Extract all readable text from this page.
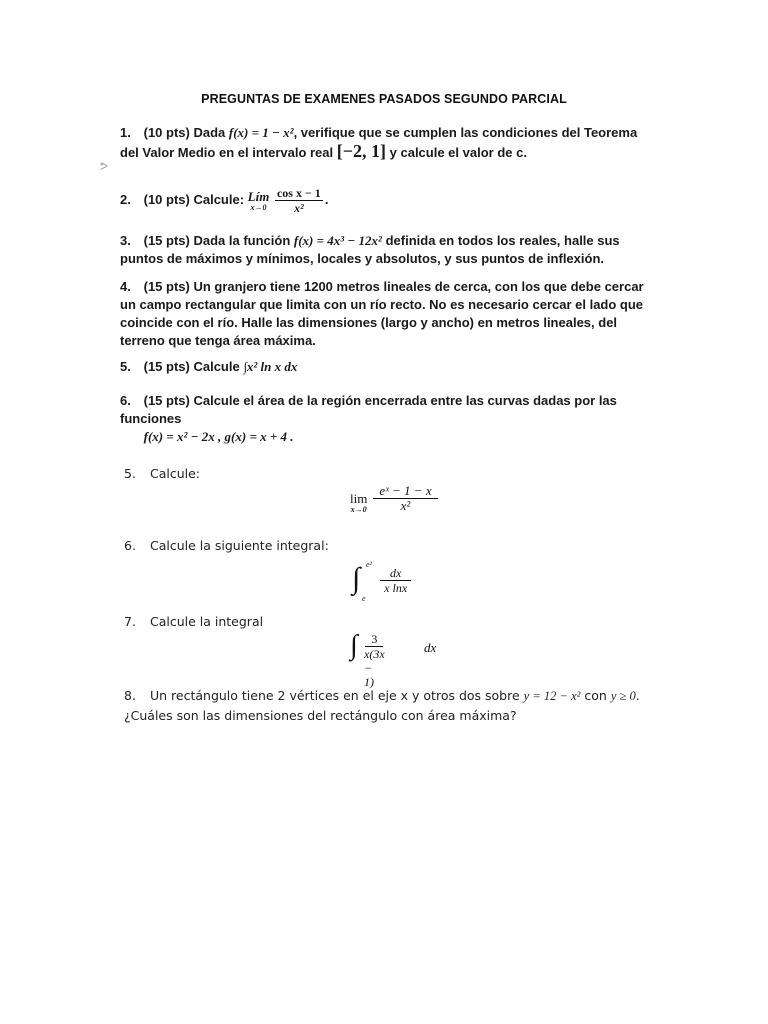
PREGUNTAS DE EXAMENES PASADOS SEGUNDO PARCIAL
ᕗ
1. (10 pts) Dada f(x) = 1 − x², verifique que se cumplen las condiciones del Teorema del Valor Medio en el intervalo real [−2, 1] y calcule el valor de c.
2. (10 pts) Calcule: Lím
x→0
$\frac{\text{cos x − 1}}{\text{x²}}$ .
3. (15 pts) Dada la función f(x) = 4x³ − 12x² definida en todos los reales, halle sus puntos de máximos y mínimos, locales y absolutos, y sus puntos de inflexión.
4. (15 pts) Un granjero tiene 1200 metros lineales de cerca, con los que debe cercar un campo rectangular que limita con un río recto. No es necesario cercar el lado que coincide con el río. Halle las dimensiones (largo y ancho) en metros lineales, del terreno que tenga área máxima.
5. (15 pts) Calcule ∫x² ln x dx
6. (15 pts) Calcule el área de la región encerrada entre las curvas dadas por las funciones
f(x) = x² − 2x , g(x) = x + 4 .
5. Calcule:
lim
x→0
$\frac{\text{eˣ − 1 − x}}{\text{x²}}$
6. Calcule la siguiente integral:
∫ e²
e
$\frac{dx}{\text{x lnx}}$
7. Calcule la integral
∫ $\frac{3}{x(3x - 1)}$	dx
8. Un rectángulo tiene 2 vértices en el eje x y otros dos sobre y = 12 − x² con y ≥ 0. ¿Cuáles son las dimensiones del rectángulo con área máxima?
